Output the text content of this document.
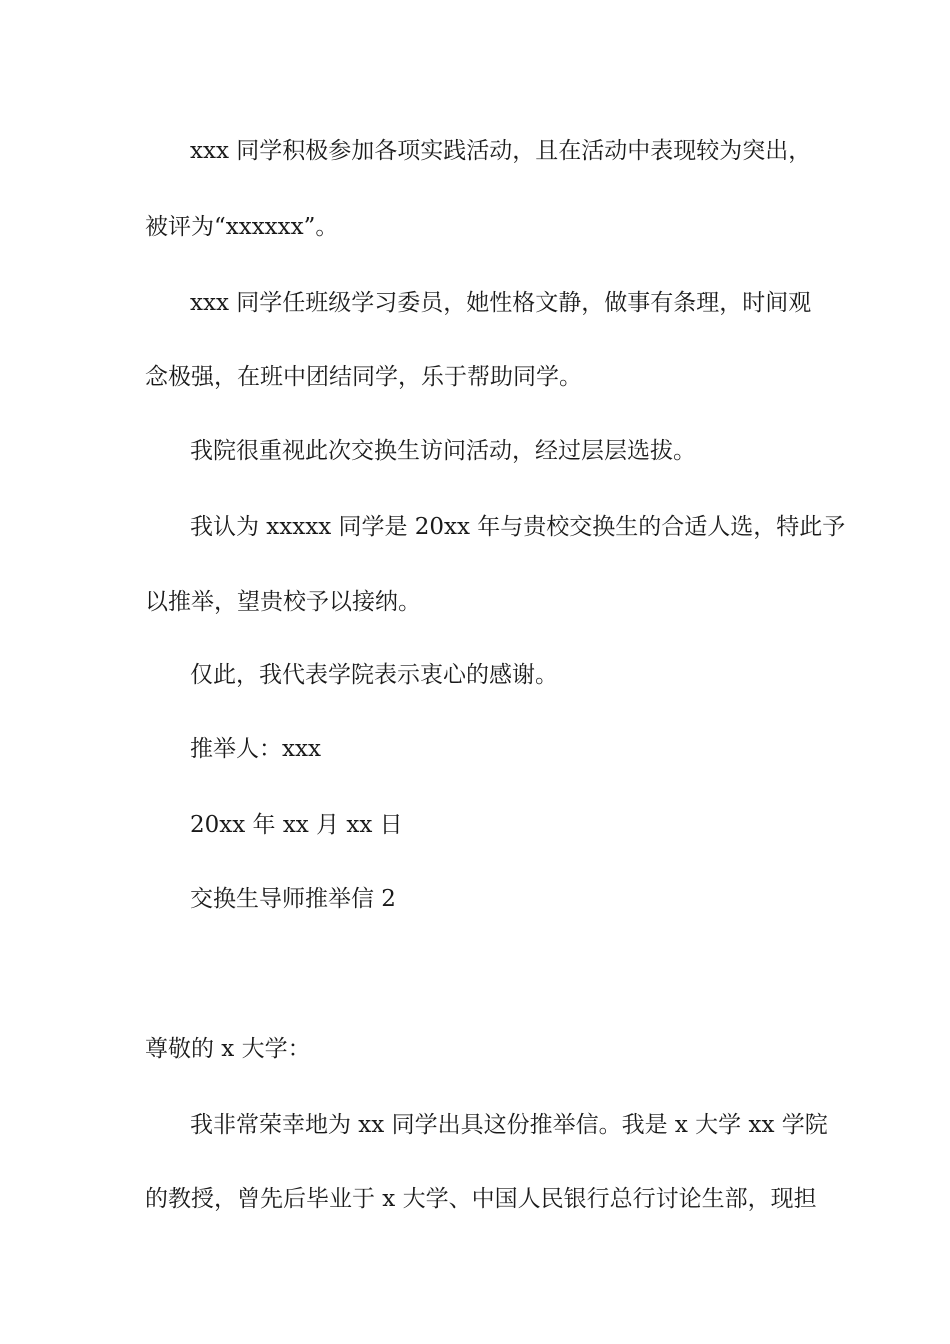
xxx 同学积极参加各项实践活动，且在活动中表现较为突出，
被评为“xxxxxx”。
xxx 同学任班级学习委员，她性格文静，做事有条理，时间观
念极强，在班中团结同学，乐于帮助同学。
我院很重视此次交换生访问活动，经过层层选拔。
我认为 xxxxx 同学是 20xx 年与贵校交换生的合适人选，特此予
以推举，望贵校予以接纳。
仅此，我代表学院表示衷心的感谢。
推举人：xxx
20xx 年 xx 月 xx 日
交换生导师推举信 2
尊敬的 x 大学：
我非常荣幸地为 xx 同学出具这份推举信。我是 x 大学 xx 学院
的教授，曾先后毕业于 x 大学、中国人民银行总行讨论生部，现担
